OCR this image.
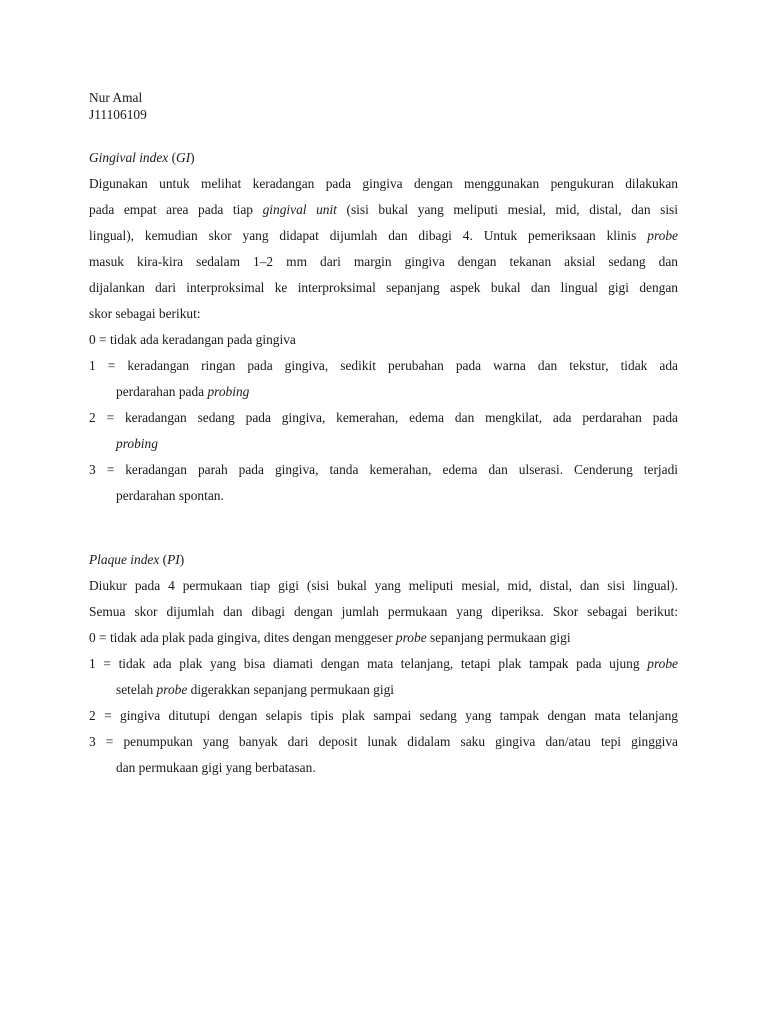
Nur Amal
J11106109
Gingival index (GI)
Digunakan untuk melihat keradangan pada gingiva dengan menggunakan pengukuran dilakukan
pada empat area pada tiap gingival unit (sisi bukal yang meliputi mesial, mid, distal, dan sisi
lingual), kemudian skor yang didapat dijumlah dan dibagi 4. Untuk pemeriksaan klinis probe
masuk kira-kira sedalam 1–2 mm dari margin gingiva dengan tekanan aksial sedang dan
dijalankan dari interproksimal ke interproksimal sepanjang aspek bukal dan lingual gigi dengan
skor sebagai berikut:
0 = tidak ada keradangan pada gingiva
1 = keradangan ringan pada gingiva, sedikit perubahan pada warna dan tekstur, tidak ada
perdarahan pada probing
2 = keradangan sedang pada gingiva, kemerahan, edema dan mengkilat, ada perdarahan pada
probing
3 = keradangan parah pada gingiva, tanda kemerahan, edema dan ulserasi. Cenderung terjadi
perdarahan spontan.
Plaque index (PI)
Diukur pada 4 permukaan tiap gigi (sisi bukal yang meliputi mesial, mid, distal, dan sisi lingual).
Semua skor dijumlah dan dibagi dengan jumlah permukaan yang diperiksa. Skor sebagai berikut:
0 = tidak ada plak pada gingiva, dites dengan menggeser probe sepanjang permukaan gigi
1 = tidak ada plak yang bisa diamati dengan mata telanjang, tetapi plak tampak pada ujung probe
setelah probe digerakkan sepanjang permukaan gigi
2 = gingiva ditutupi dengan selapis tipis plak sampai sedang yang tampak dengan mata telanjang
3 = penumpukan yang banyak dari deposit lunak didalam saku gingiva dan/atau tepi ginggiva
dan permukaan gigi yang berbatasan.
